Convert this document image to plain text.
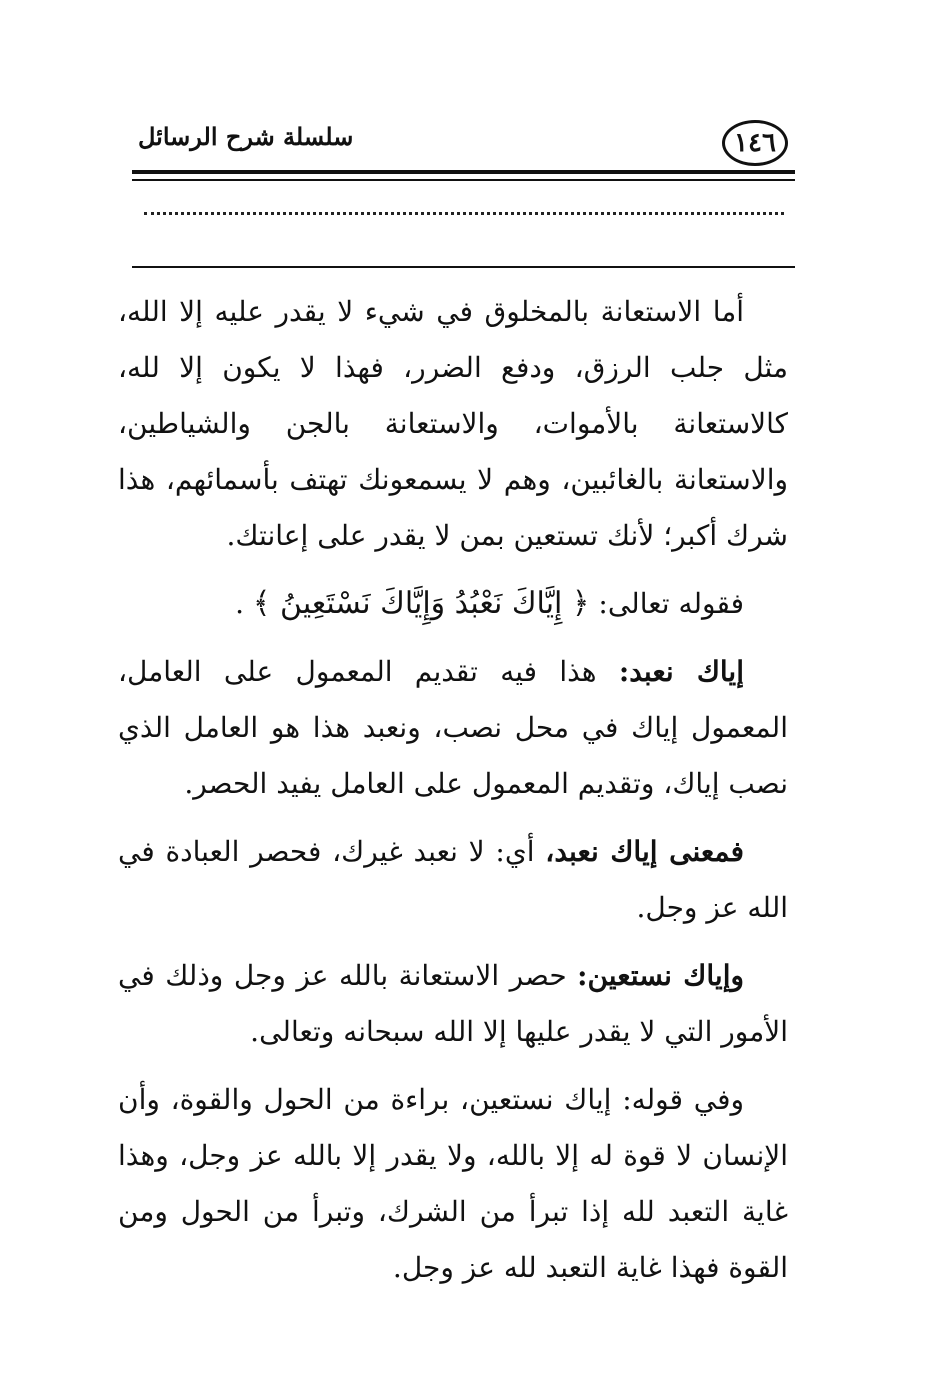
١٤٦
سلسلة شرح الرسائل

أما الاستعانة بالمخلوق في شيء لا يقدر عليه إلا الله، مثل جلب الرزق، ودفع الضرر، فهذا لا يكون إلا لله، كالاستعانة بالأموات، والاستعانة بالجن والشياطين، والاستعانة بالغائبين، وهم لا يسمعونك تهتف بأسمائهم، هذا شرك أكبر؛ لأنك تستعين بمن لا يقدر على إعانتك.

فقوله تعالى: ﴿ إِيَّاكَ نَعْبُدُ وَإِيَّاكَ نَسْتَعِينُ ﴾ .

إياك نعبد: هذا فيه تقديم المعمول على العامل، المعمول إياك في محل نصب، ونعبد هذا هو العامل الذي نصب إياك، وتقديم المعمول على العامل يفيد الحصر.

فمعنى إياك نعبد، أي: لا نعبد غيرك، فحصر العبادة في الله عز وجل.

وإياك نستعين: حصر الاستعانة بالله عز وجل وذلك في الأمور التي لا يقدر عليها إلا الله سبحانه وتعالى.

وفي قوله: إياك نستعين، براءة من الحول والقوة، وأن الإنسان لا قوة له إلا بالله، ولا يقدر إلا بالله عز وجل، وهذا غاية التعبد لله إذا تبرأ من الشرك، وتبرأ من الحول ومن القوة فهذا غاية التعبد لله عز وجل.
